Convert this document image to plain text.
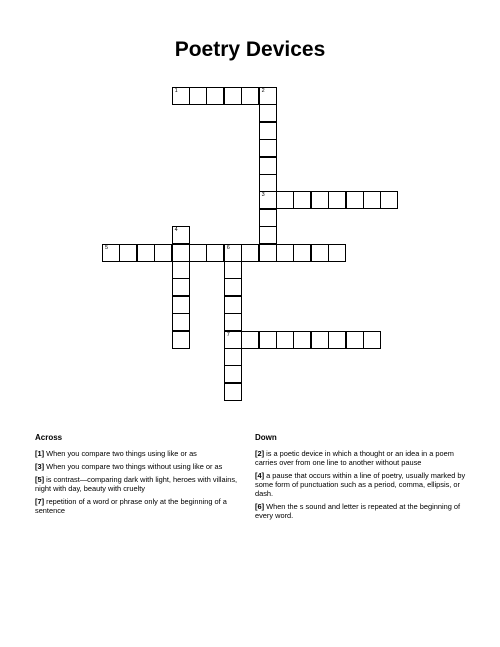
Poetry Devices
1	2
3
4
5	6
7
Across	Down
[1] When you compare two things using like or as
[3] When you compare two things without using like or as
[5] is contrast—comparing dark with light, heroes with villains, night with day, beauty with cruelty
[7] repetition of a word or phrase only at the beginning of a sentence
[2] is a poetic device in which a thought or an idea in a poem carries over from one line to another without pause
[4] a pause that occurs within a line of poetry, usually marked by some form of punctuation such as a period, comma, ellipsis, or dash.
[6] When the s sound and letter is repeated at the beginning of every word.
